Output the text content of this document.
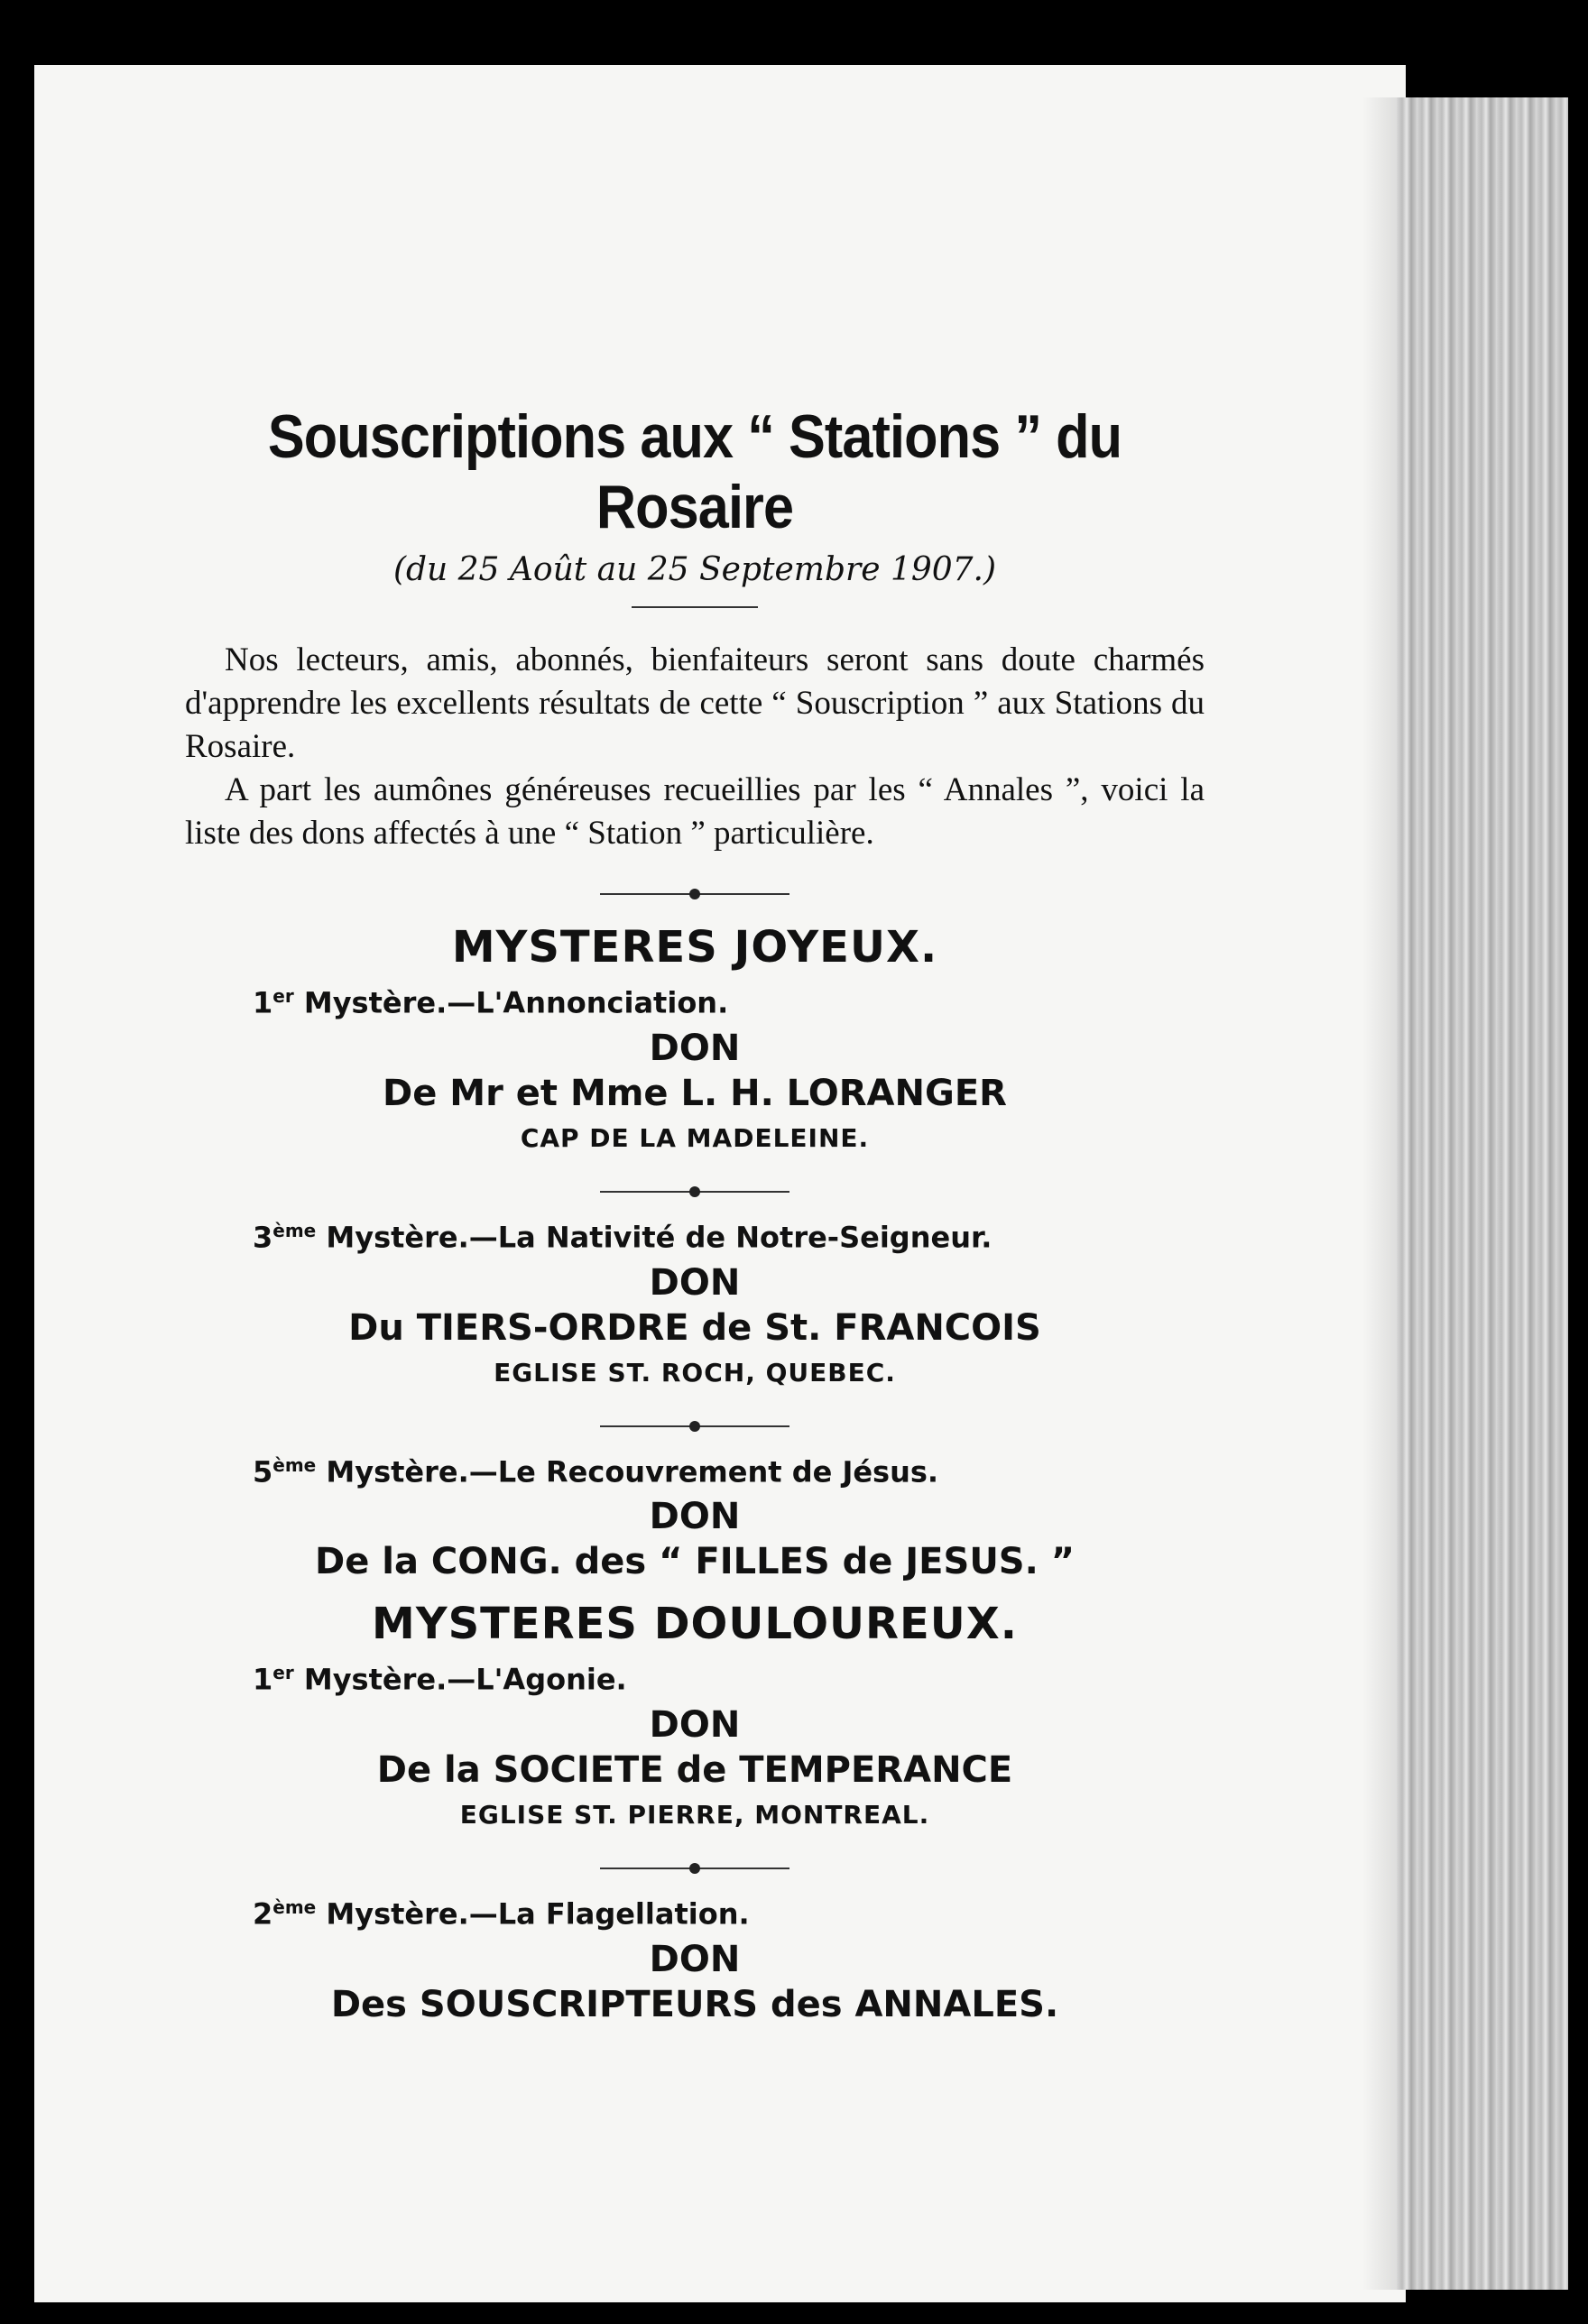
Souscriptions aux “ Stations ” du Rosaire
(du 25 Août au 25 Septembre 1907.)

Nos lecteurs, amis, abonnés, bienfaiteurs seront sans doute charmés d'apprendre les excellents résultats de cette “ Souscription ” aux Stations du Rosaire.

A part les aumônes généreuses recueillies par les “ Annales ”, voici la liste des dons affectés à une “ Station ” particulière.

MYSTERES JOYEUX.
1er Mystère.—L'Annonciation.
DON
De Mr et Mme L. H. LORANGER
CAP DE LA MADELEINE.
3ème Mystère.—La Nativité de Notre-Seigneur.
DON
Du TIERS-ORDRE de St. FRANCOIS
EGLISE ST. ROCH, QUEBEC.
5ème Mystère.—Le Recouvrement de Jésus.
DON
De la CONG. des “ FILLES de JESUS. ”
MYSTERES DOULOUREUX.
1er Mystère.—L'Agonie.
DON
De la SOCIETE de TEMPERANCE
EGLISE ST. PIERRE, MONTREAL.
2ème Mystère.—La Flagellation.
DON
Des SOUSCRIPTEURS des ANNALES.
